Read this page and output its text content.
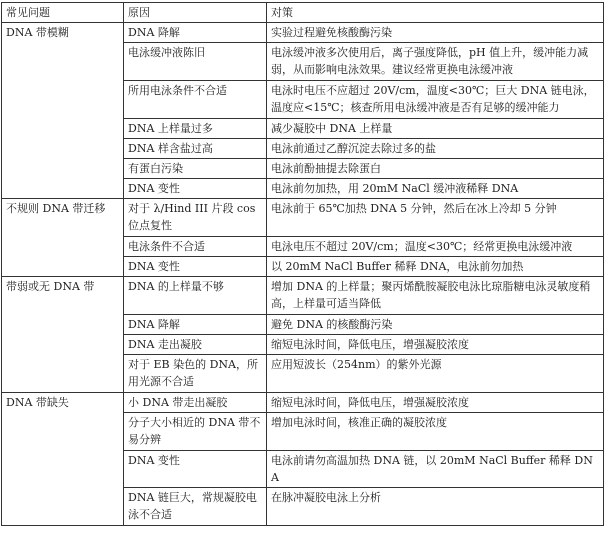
常见问题	原因	对策
DNA 带模糊	DNA 降解	实验过程避免核酸酶污染
	电泳缓冲液陈旧	电泳缓冲液多次使用后，离子强度降低，pH 值上升，缓冲能力减弱，从而影响电泳效果。建议经常更换电泳缓冲液
	所用电泳条件不合适	电泳时电压不应超过 20V/cm，温度<30℃；巨大 DNA 链电泳，温度应<15℃；核查所用电泳缓冲液是否有足够的缓冲能力
	DNA 上样量过多	减少凝胶中 DNA 上样量
	DNA 样含盐过高	电泳前通过乙醇沉淀去除过多的盐
	有蛋白污染	电泳前酚抽提去除蛋白
	DNA 变性	电泳前勿加热，用 20mM NaCl 缓冲液稀释 DNA
不规则 DNA 带迁移	对于 λ/Hind III 片段 cos 位点复性	电泳前于 65℃加热 DNA 5 分钟，然后在冰上冷却 5 分钟
	电泳条件不合适	电泳电压不超过 20V/cm；温度<30℃；经常更换电泳缓冲液
	DNA 变性	以 20mM NaCl Buffer 稀释 DNA，电泳前勿加热
带弱或无 DNA 带	DNA 的上样量不够	增加 DNA 的上样量；聚丙烯酰胺凝胶电泳比琼脂糖电泳灵敏度稍高，上样量可适当降低
	DNA 降解	避免 DNA 的核酸酶污染
	DNA 走出凝胶	缩短电泳时间，降低电压，增强凝胶浓度
	对于 EB 染色的 DNA，所用光源不合适	应用短波长（254nm）的紫外光源
DNA 带缺失	小 DNA 带走出凝胶	缩短电泳时间，降低电压，增强凝胶浓度
	分子大小相近的 DNA 带不易分辨	增加电泳时间，核准正确的凝胶浓度
	DNA 变性	电泳前请勿高温加热 DNA 链，以 20mM NaCl Buffer 稀释 DNA
	DNA 链巨大，常规凝胶电泳不合适	在脉冲凝胶电泳上分析
